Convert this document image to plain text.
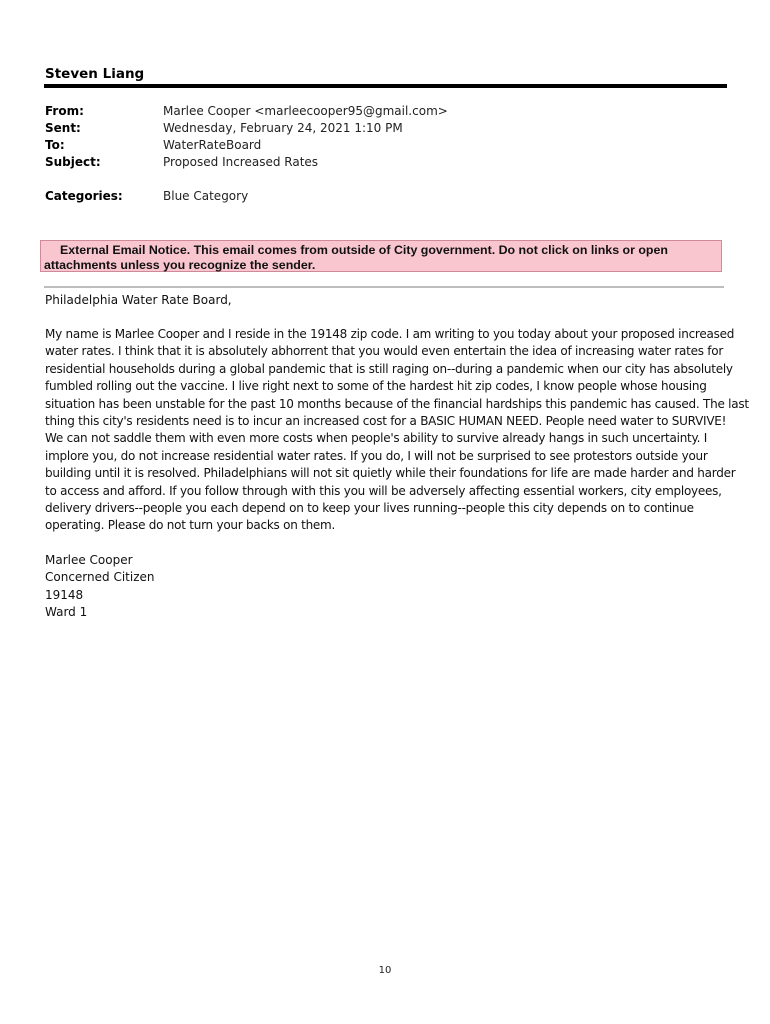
Steven Liang
From:	Marlee Cooper <marleecooper95@gmail.com>
Sent:	Wednesday, February 24, 2021 1:10 PM
To:	WaterRateBoard
Subject:	Proposed Increased Rates
Categories:	Blue Category
External Email Notice. This email comes from outside of City government. Do not click on links or open
attachments unless you recognize the sender.
Philadelphia Water Rate Board,
My name is Marlee Cooper and I reside in the 19148 zip code. I am writing to you today about your proposed increased
water rates. I think that it is absolutely abhorrent that you would even entertain the idea of increasing water rates for
residential households during a global pandemic that is still raging on--during a pandemic when our city has absolutely
fumbled rolling out the vaccine. I live right next to some of the hardest hit zip codes, I know people whose housing
situation has been unstable for the past 10 months because of the financial hardships this pandemic has caused. The last
thing this city's residents need is to incur an increased cost for a BASIC HUMAN NEED. People need water to SURVIVE!
We can not saddle them with even more costs when people's ability to survive already hangs in such uncertainty. I
implore you, do not increase residential water rates. If you do, I will not be surprised to see protestors outside your
building until it is resolved. Philadelphians will not sit quietly while their foundations for life are made harder and harder
to access and afford. If you follow through with this you will be adversely affecting essential workers, city employees,
delivery drivers--people you each depend on to keep your lives running--people this city depends on to continue
operating. Please do not turn your backs on them.
Marlee Cooper
Concerned Citizen
19148
Ward 1
10
